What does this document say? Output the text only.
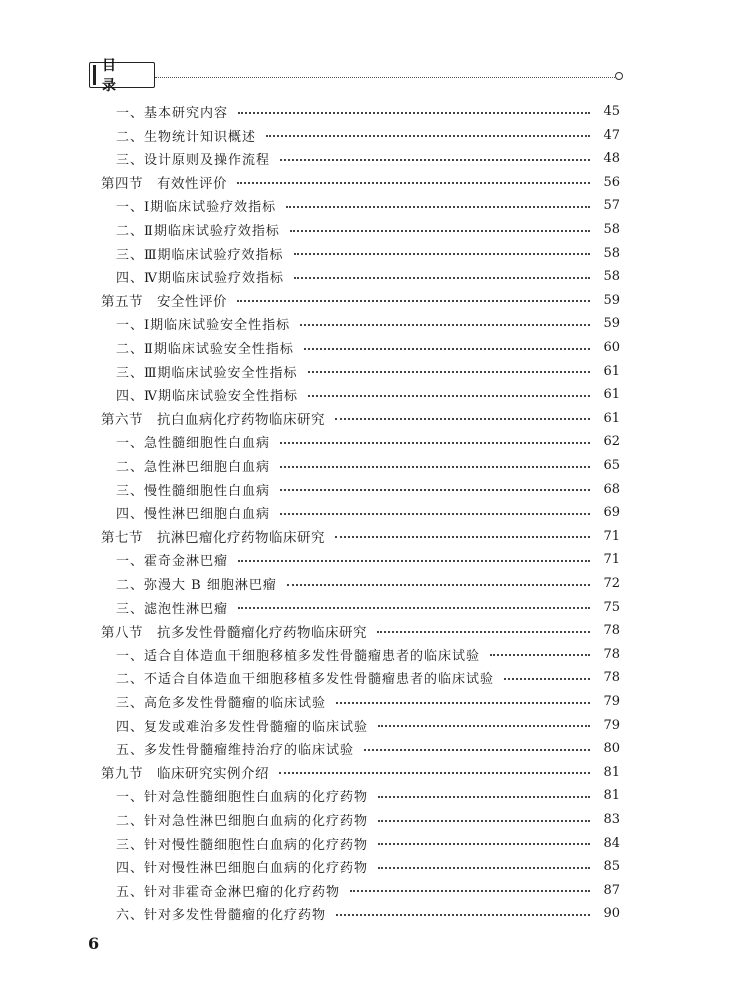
目 录
一、基本研究内容	45
二、生物统计知识概述	47
三、设计原则及操作流程	48
第四节　有效性评价	56
一、Ⅰ期临床试验疗效指标	57
二、Ⅱ期临床试验疗效指标	58
三、Ⅲ期临床试验疗效指标	58
四、Ⅳ期临床试验疗效指标	58
第五节　安全性评价	59
一、Ⅰ期临床试验安全性指标	59
二、Ⅱ期临床试验安全性指标	60
三、Ⅲ期临床试验安全性指标	61
四、Ⅳ期临床试验安全性指标	61
第六节　抗白血病化疗药物临床研究	61
一、急性髓细胞性白血病	62
二、急性淋巴细胞白血病	65
三、慢性髓细胞性白血病	68
四、慢性淋巴细胞白血病	69
第七节　抗淋巴瘤化疗药物临床研究	71
一、霍奇金淋巴瘤	71
二、弥漫大 B 细胞淋巴瘤	72
三、滤泡性淋巴瘤	75
第八节　抗多发性骨髓瘤化疗药物临床研究	78
一、适合自体造血干细胞移植多发性骨髓瘤患者的临床试验	78
二、不适合自体造血干细胞移植多发性骨髓瘤患者的临床试验	78
三、高危多发性骨髓瘤的临床试验	79
四、复发或难治多发性骨髓瘤的临床试验	79
五、多发性骨髓瘤维持治疗的临床试验	80
第九节　临床研究实例介绍	81
一、针对急性髓细胞性白血病的化疗药物	81
二、针对急性淋巴细胞白血病的化疗药物	83
三、针对慢性髓细胞性白血病的化疗药物	84
四、针对慢性淋巴细胞白血病的化疗药物	85
五、针对非霍奇金淋巴瘤的化疗药物	87
六、针对多发性骨髓瘤的化疗药物	90
6
